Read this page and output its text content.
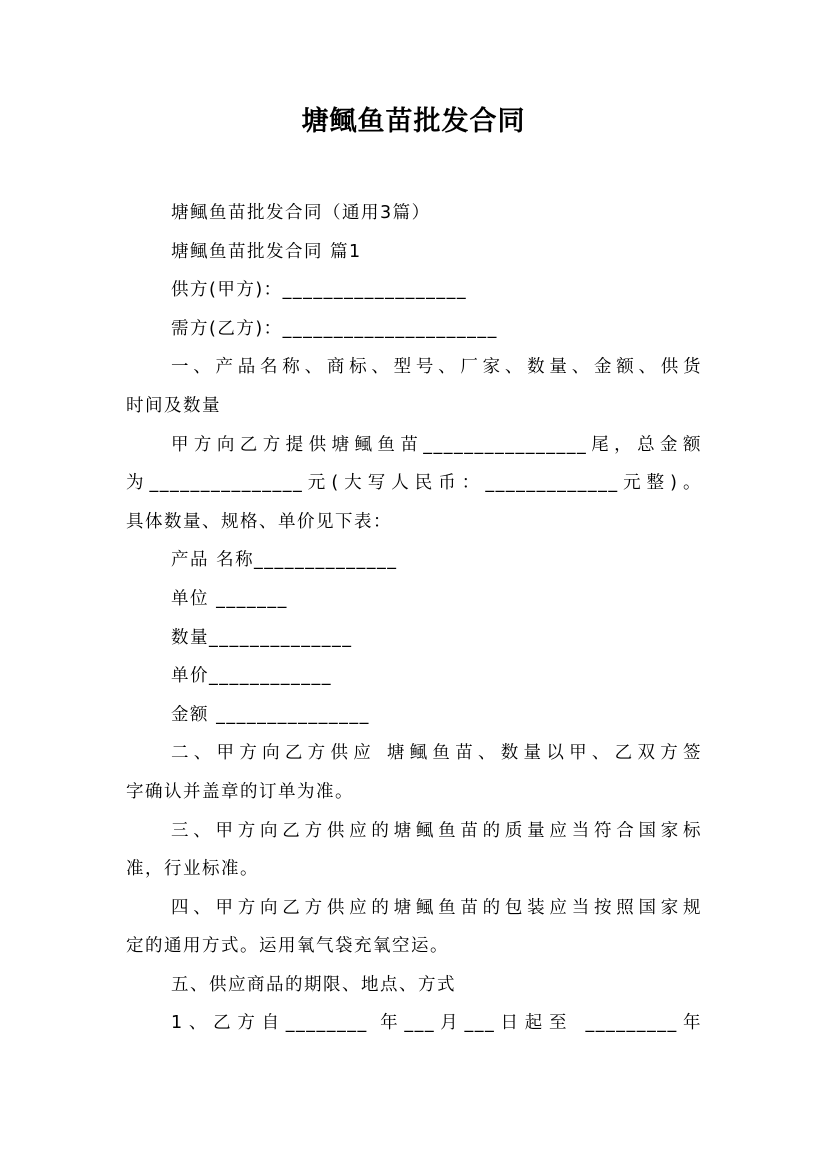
塘鲺鱼苗批发合同

塘鲺鱼苗批发合同（通用3篇）

塘鲺鱼苗批发合同 篇1

供方(甲方)：__________________

需方(乙方)：_____________________

一、产品名称、商标、型号、厂家、数量、金额、供货

时间及数量

甲方向乙方提供塘鲺鱼苗________________尾，总金额

为_______________元(大写人民币：_____________元整)。

具体数量、规格、单价见下表：

产品 名称______________

单位 _______

数量______________

单价____________

金额 _______________

二、甲方向乙方供应 塘鲺鱼苗、数量以甲、乙双方签

字确认并盖章的订单为准。

三、甲方向乙方供应的塘鲺鱼苗的质量应当符合国家标

准，行业标准。

四、甲方向乙方供应的塘鲺鱼苗的包装应当按照国家规

定的通用方式。运用氧气袋充氧空运。

五、供应商品的期限、地点、方式

1、乙方自________ 年___月___日起至 _________年
